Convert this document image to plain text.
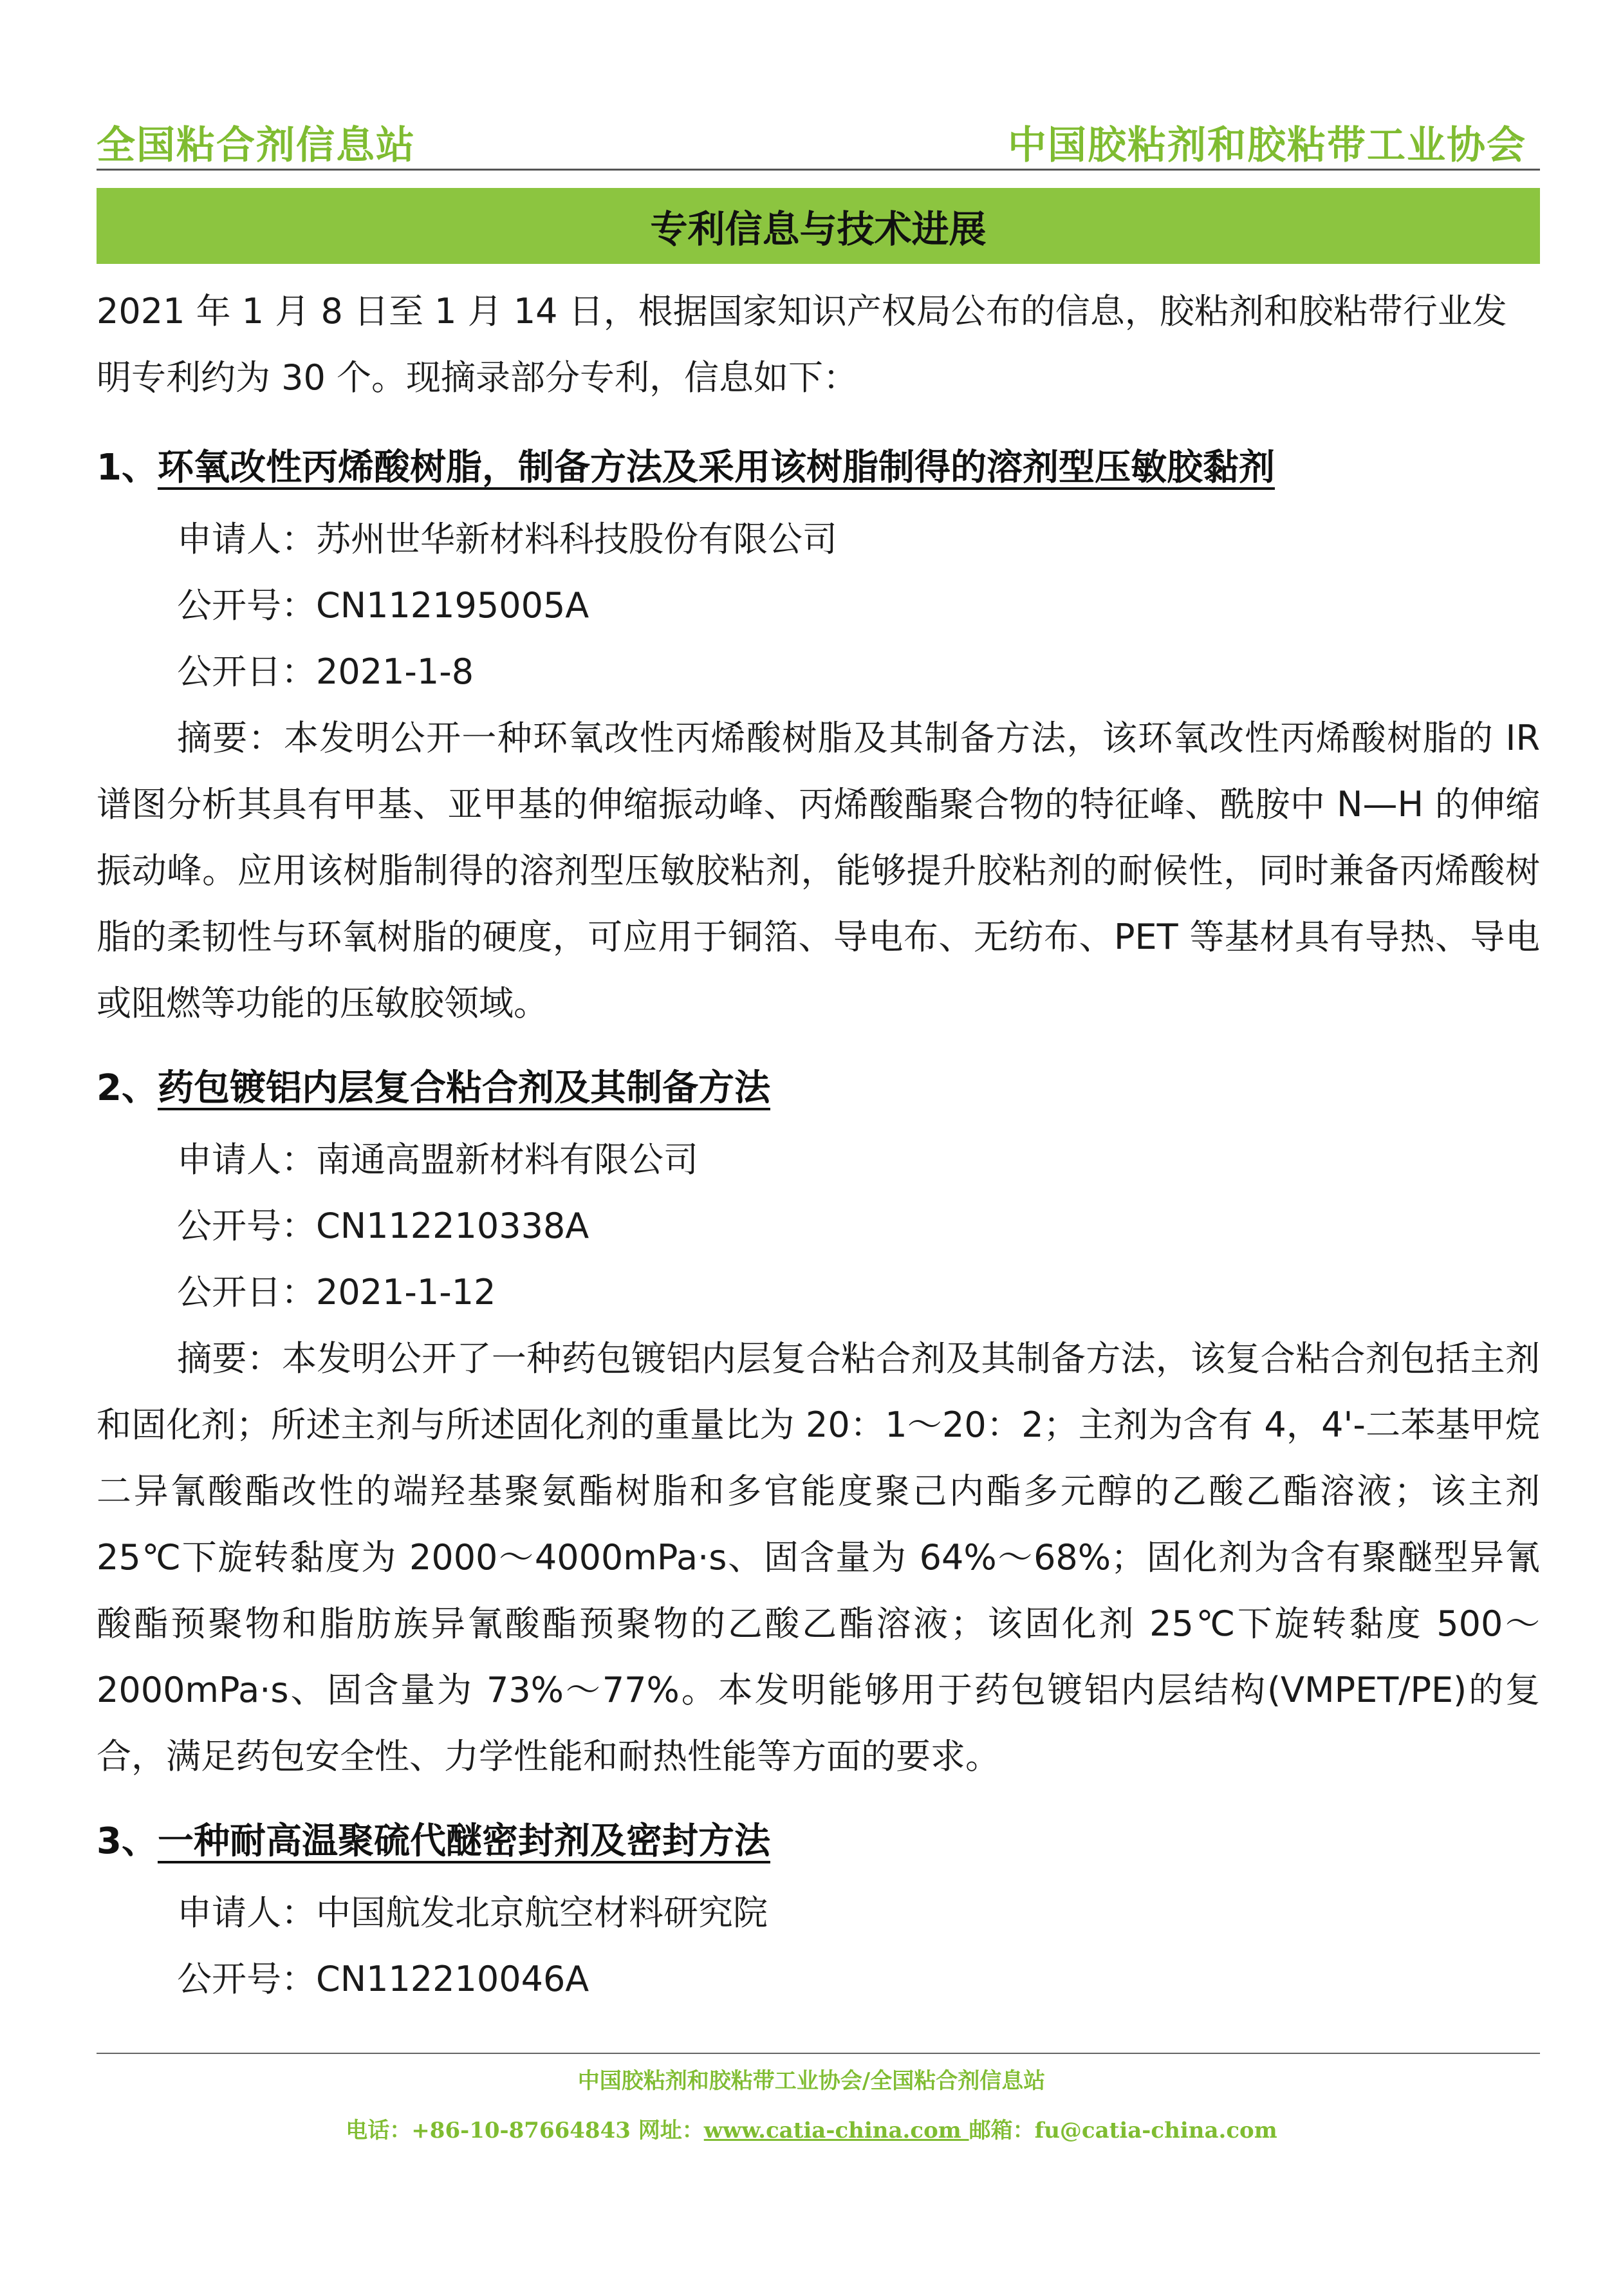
全国粘合剂信息站	中国胶粘剂和胶粘带工业协会
专利信息与技术进展

2021 年 1 月 8 日至 1 月 14 日，根据国家知识产权局公布的信息，胶粘剂和胶粘带行业发明专利约为 30 个。现摘录部分专利，信息如下：

1、环氧改性丙烯酸树脂，制备方法及采用该树脂制得的溶剂型压敏胶黏剂

申请人：苏州世华新材料科技股份有限公司

公开号：CN112195005A

公开日：2021-1-8

摘要：本发明公开一种环氧改性丙烯酸树脂及其制备方法，该环氧改性丙烯酸树脂的 IR 谱图分析其具有甲基、亚甲基的伸缩振动峰、丙烯酸酯聚合物的特征峰、酰胺中 N—H 的伸缩振动峰。应用该树脂制得的溶剂型压敏胶粘剂，能够提升胶粘剂的耐候性，同时兼备丙烯酸树脂的柔韧性与环氧树脂的硬度，可应用于铜箔、导电布、无纺布、PET 等基材具有导热、导电或阻燃等功能的压敏胶领域。

2、药包镀铝内层复合粘合剂及其制备方法

申请人：南通高盟新材料有限公司

公开号：CN112210338A

公开日：2021-1-12

摘要：本发明公开了一种药包镀铝内层复合粘合剂及其制备方法，该复合粘合剂包括主剂和固化剂；所述主剂与所述固化剂的重量比为 20：1～20：2；主剂为含有 4，4'-二苯基甲烷二异氰酸酯改性的端羟基聚氨酯树脂和多官能度聚己内酯多元醇的乙酸乙酯溶液；该主剂 25℃下旋转黏度为 2000～4000mPa·s、固含量为 64%～68%；固化剂为含有聚醚型异氰酸酯预聚物和脂肪族异氰酸酯预聚物的乙酸乙酯溶液；该固化剂 25℃下旋转黏度 500～2000mPa·s、固含量为 73%～77%。本发明能够用于药包镀铝内层结构(VMPET/PE)的复合，满足药包安全性、力学性能和耐热性能等方面的要求。

3、一种耐高温聚硫代醚密封剂及密封方法

申请人：中国航发北京航空材料研究院

公开号：CN112210046A

中国胶粘剂和胶粘带工业协会/全国粘合剂信息站
电话：+86-10-87664843 网址：www.catia-china.com 邮箱：fu@catia-china.com
